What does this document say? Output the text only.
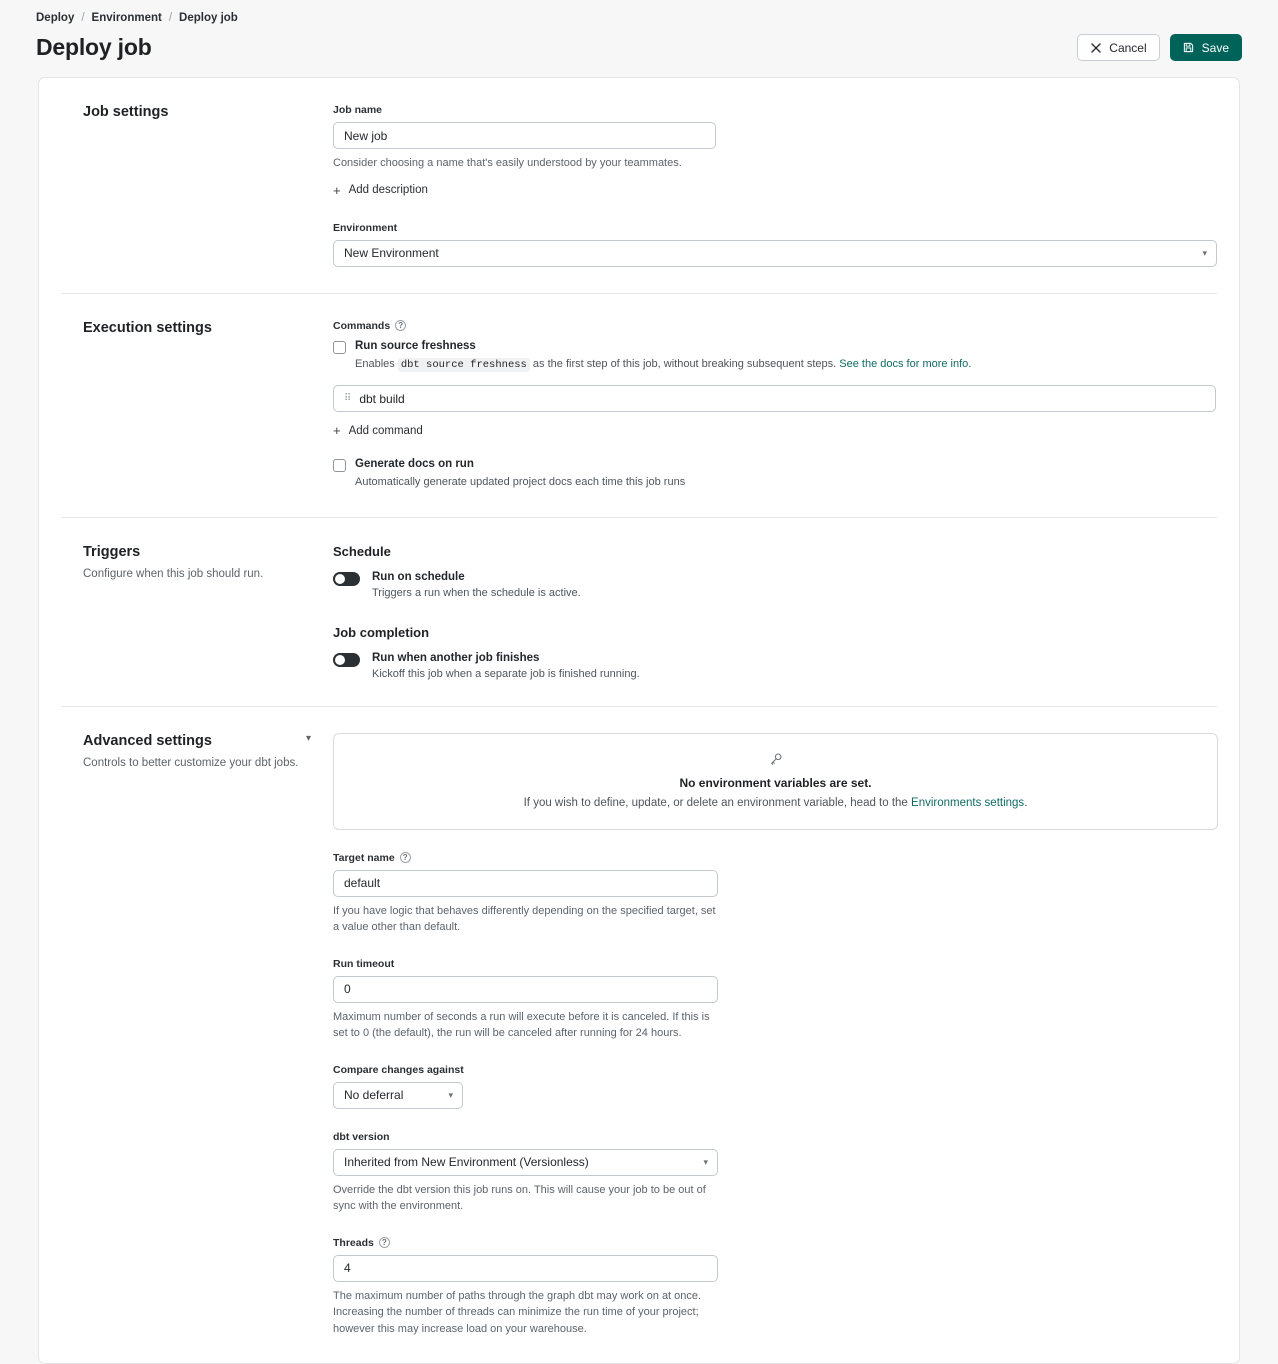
Deploy / Environment / Deploy job
Deploy job	Cancel	Save
Job settings	Job name
New job
Consider choosing a name that's easily understood by your teammates.
+ Add description
Environment
New Environment	▾
Execution settings	Commands	?
Run source freshness
Enables dbt source freshness as the first step of this job, without breaking subsequent steps. See the docs for more info.
⠿ dbt build
+ Add command
Generate docs on run
Automatically generate updated project docs each time this job runs
Triggers
Configure when this job should run.
Schedule
Run on schedule
Triggers a run when the schedule is active.
Job completion
Run when another job finishes
Kickoff this job when a separate job is finished running.
Advanced settings
Controls to better customize your dbt jobs.
▾
No environment variables are set.
If you wish to define, update, or delete an environment variable, head to the Environments settings.
Target name	?
default
If you have logic that behaves differently depending on the specified target, set a value other than default.
Run timeout
0
Maximum number of seconds a run will execute before it is canceled. If this is set to 0 (the default), the run will be canceled after running for 24 hours.
Compare changes against
No deferral	▾
dbt version
Inherited from New Environment (Versionless)	▾
Override the dbt version this job runs on. This will cause your job to be out of sync with the environment.
Threads	?
4
The maximum number of paths through the graph dbt may work on at once. Increasing the number of threads can minimize the run time of your project; however this may increase load on your warehouse.
